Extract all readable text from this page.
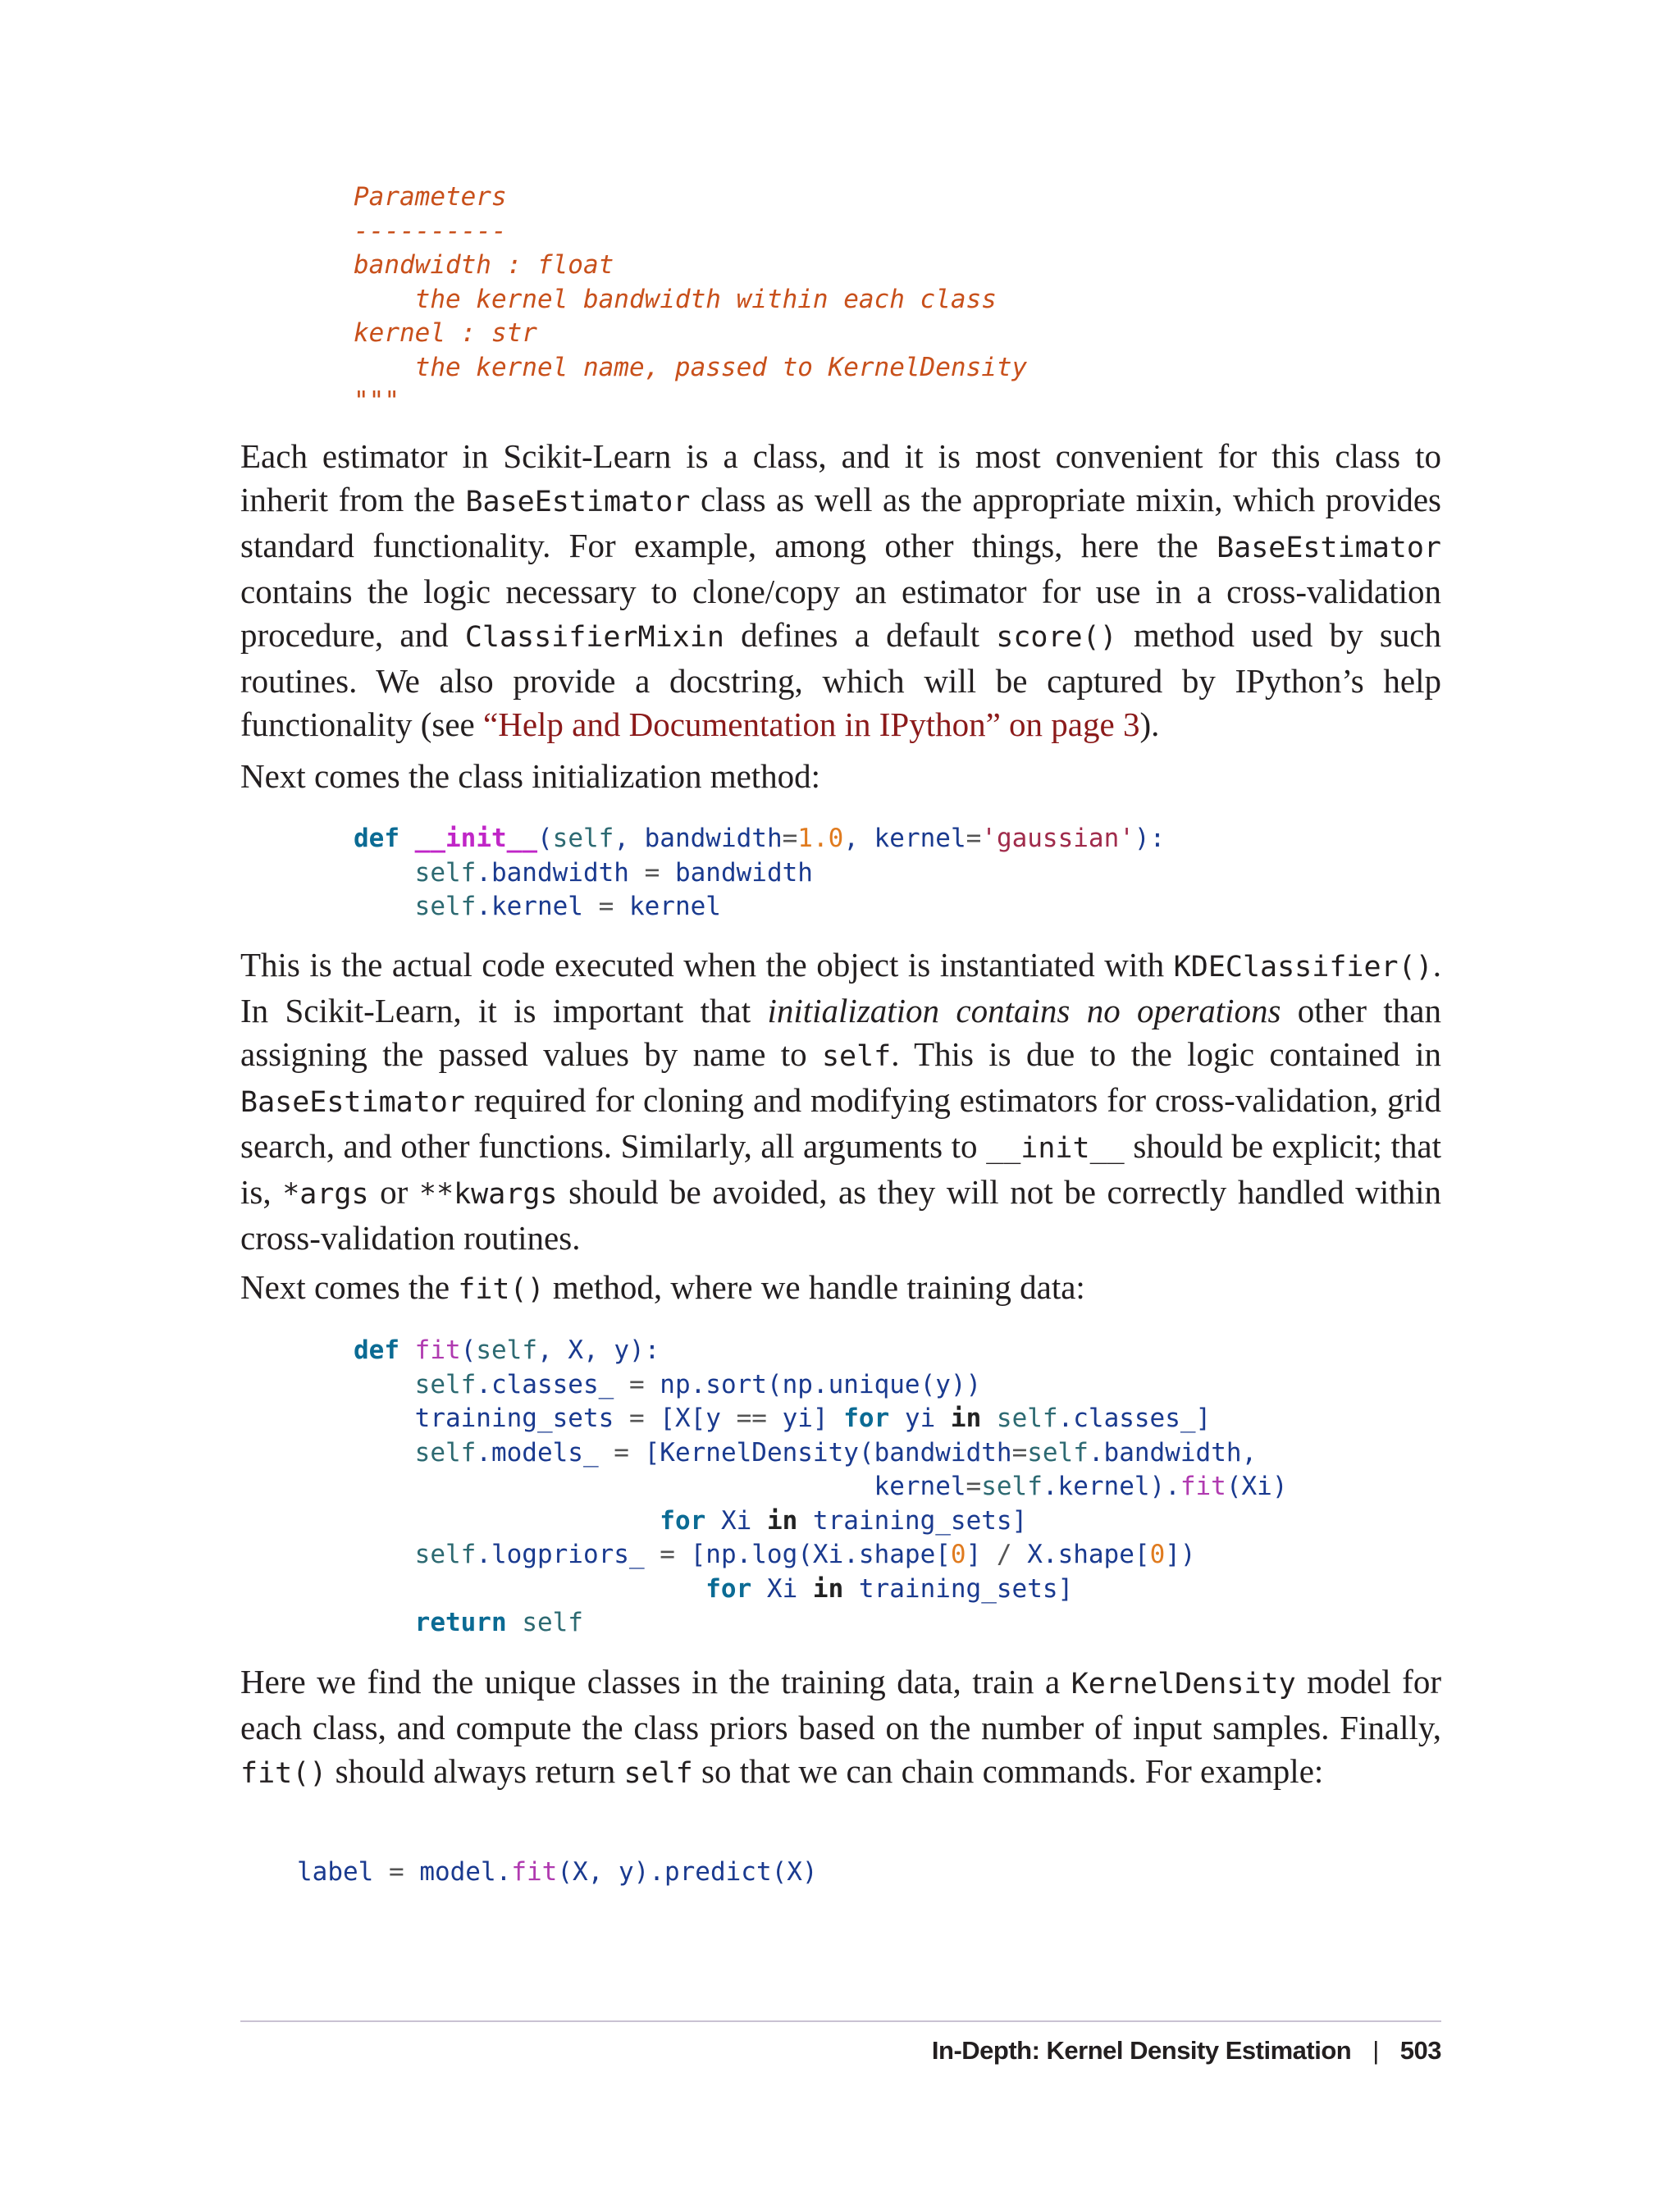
Parameters
----------
bandwidth : float
the kernel bandwidth within each class
kernel : str
the kernel name, passed to KernelDensity
"""

Each estimator in Scikit-Learn is a class, and it is most convenient for this class to inherit from the BaseEstimator class as well as the appropriate mixin, which provides standard functionality. For example, among other things, here the BaseEstimator contains the logic necessary to clone/copy an estimator for use in a cross-validation procedure, and ClassifierMixin defines a default score() method used by such routines. We also provide a docstring, which will be captured by IPython’s help functionality (see “Help and Documentation in IPython” on page 3).

Next comes the class initialization method:

def __init__(self, bandwidth=1.0, kernel='gaussian'):
self.bandwidth = bandwidth
self.kernel = kernel

This is the actual code executed when the object is instantiated with KDEClassifier(). In Scikit-Learn, it is important that initialization contains no operations other than assigning the passed values by name to self. This is due to the logic contained in BaseEstimator required for cloning and modifying estimators for cross-validation, grid search, and other functions. Similarly, all arguments to __init__ should be explicit; that is, *args or **kwargs should be avoided, as they will not be correctly handled within cross-validation routines.

Next comes the fit() method, where we handle training data:

def fit(self, X, y):
self.classes_ = np.sort(np.unique(y))
training_sets = [X[y == yi] for yi in self.classes_]
self.models_ = [KernelDensity(bandwidth=self.bandwidth,
kernel=self.kernel).fit(Xi)
for Xi in training_sets]
self.logpriors_ = [np.log(Xi.shape[0] / X.shape[0])
for Xi in training_sets]
return self

Here we find the unique classes in the training data, train a KernelDensity model for each class, and compute the class priors based on the number of input samples. Finally, fit() should always return self so that we can chain commands. For example:

label = model.fit(X, y).predict(X)

In-Depth: Kernel Density Estimation | 503
